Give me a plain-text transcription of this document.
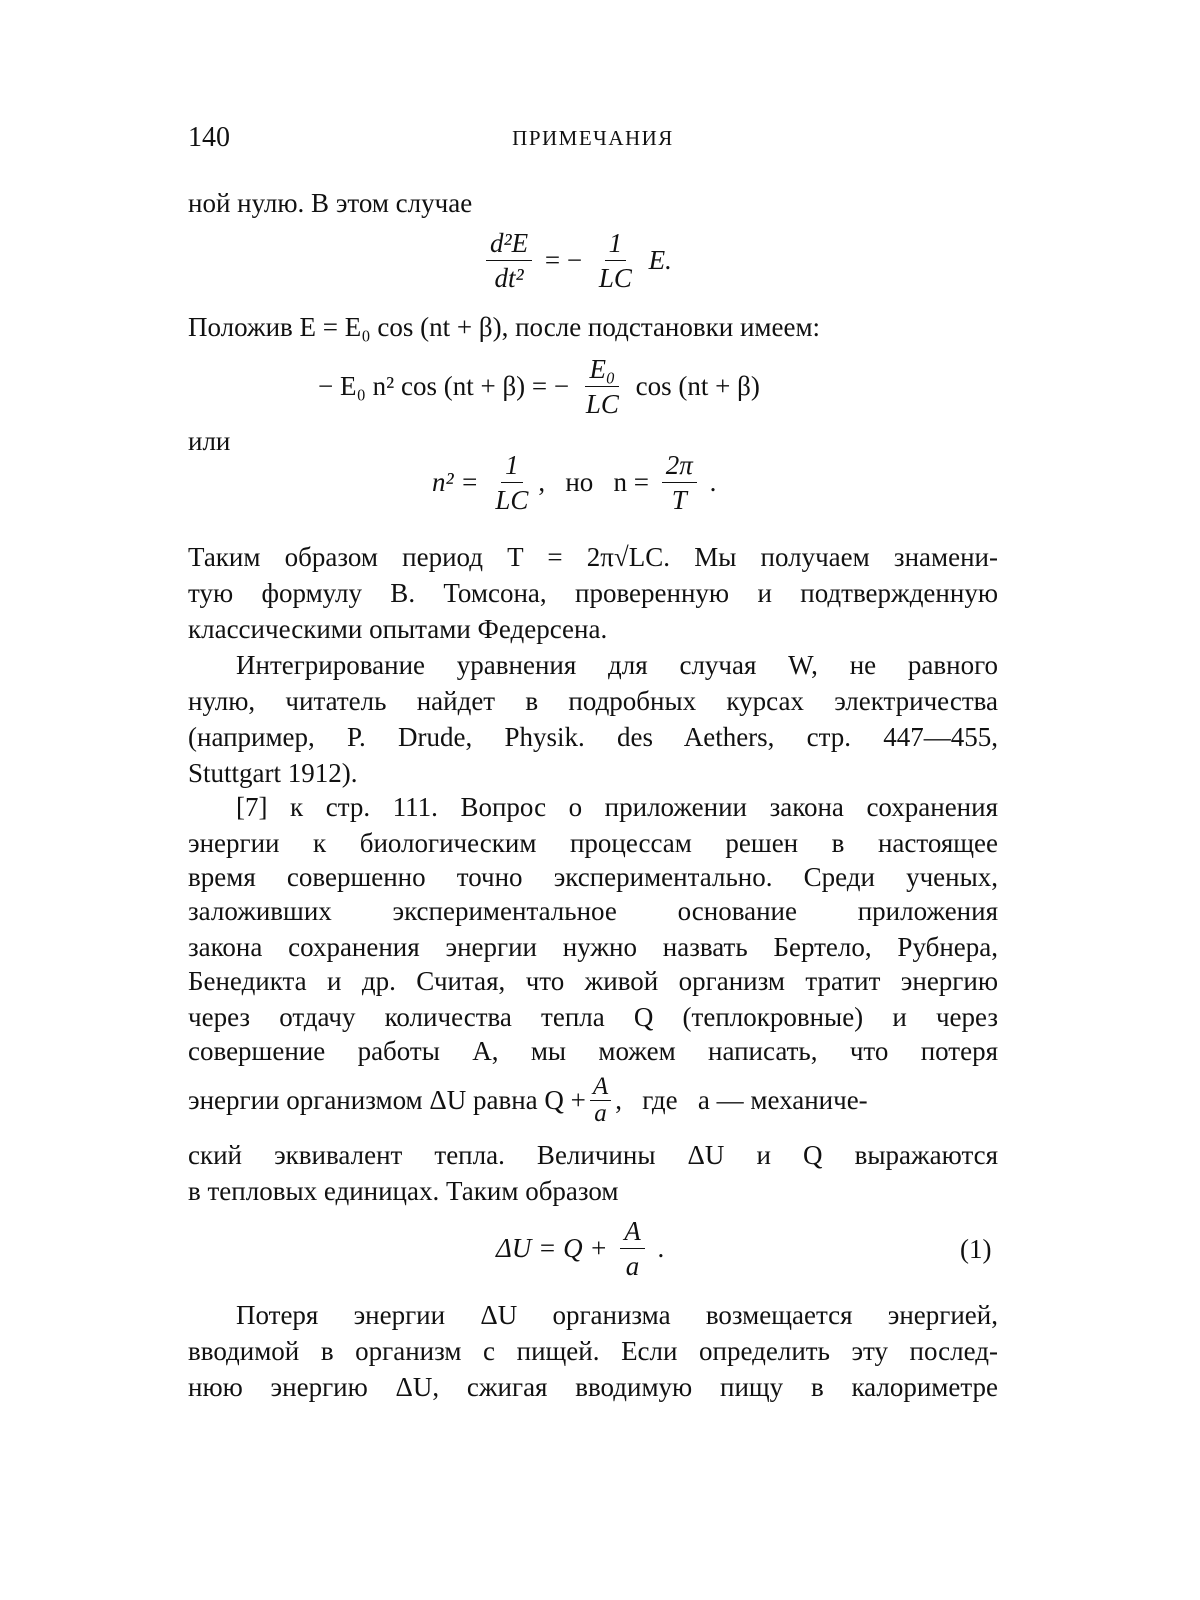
140	ПРИМЕЧАНИЯ
ной нулю. В этом случае
d²E
dt²
= −
1
LC
E.
Положив E = E₀ cos (nt + β), после подстановки имеем:
− E₀ n² cos (nt + β) = −
E₀
LC
cos (nt + β)
или
n² =
1
LC
,   но   n =
2π
T
.
Таким образом период T = 2π√LC. Мы получаем знамени-
тую формулу В. Томсона, проверенную и подтвержденную
классическими опытами Федерсена.
Интегрирование уравнения для случая W, не равного
нулю, читатель найдет в подробных курсах электричества
(например, P. Drude, Physik. des Aethers, стр. 447—455,
Stuttgart 1912).
[7] к стр. 111. Вопрос о приложении закона сохранения
энергии к биологическим процессам решен в настоящее
время совершенно точно экспериментально. Среди ученых,
заложивших экспериментальное основание приложения
закона сохранения энергии нужно назвать Бертело, Рубнера,
Бенедикта и др. Считая, что живой организм тратит энергию
через отдачу количества тепла Q (теплокровные) и через
совершение работы A, мы можем написать, что потеря
энергии организмом ΔU равна Q + A
a ,   где   a — механиче-
ский эквивалент тепла. Величины ΔU и Q выражаются
в тепловых единицах. Таким образом
ΔU = Q +
A
a
.	(1)
Потеря энергии ΔU организма возмещается энергией,
вводимой в организм с пищей. Если определить эту послед-
нюю энергию ΔU, сжигая вводимую пищу в калориметре
